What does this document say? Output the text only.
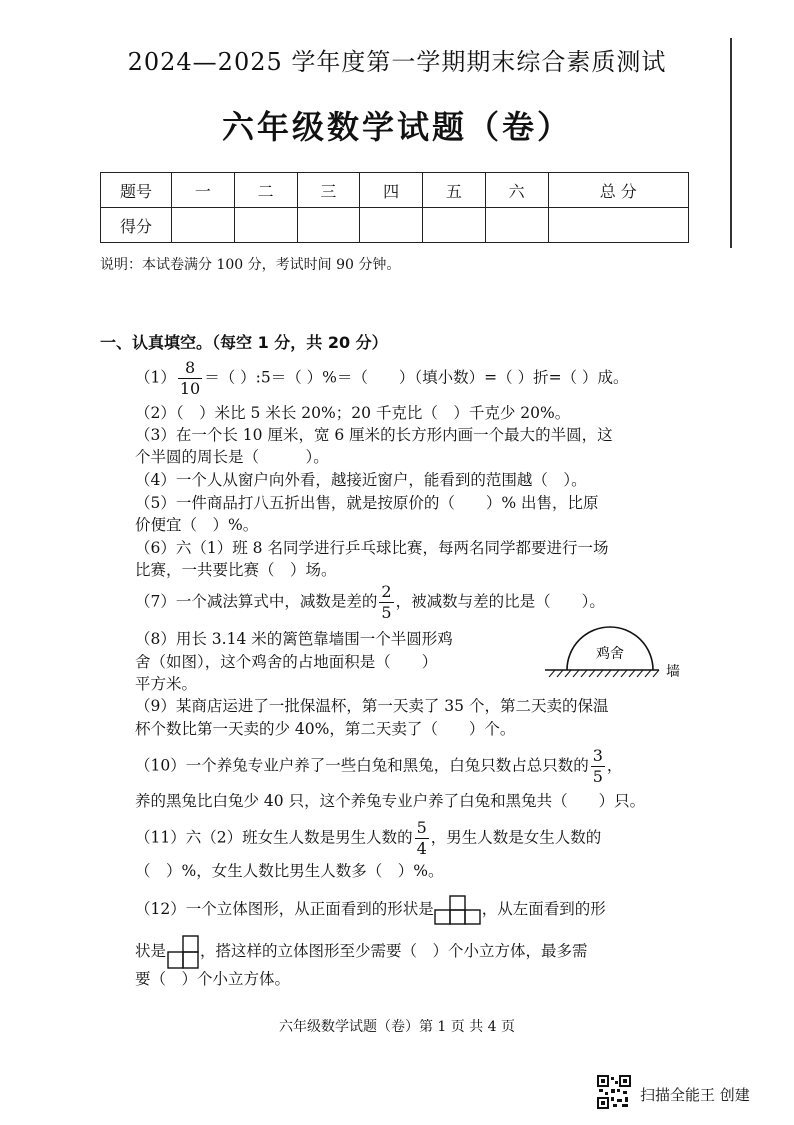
2024—2025 学年度第一学期期末综合素质测试
六年级数学试题（卷）
题号	一	二	三	四	五	六	总 分
得分							
说明：本试卷满分 100 分，考试时间 90 分钟。
一、认真填空。（每空 1 分，共 20 分）
$(1) \frac{8}{10}$ ＝（ ）:5＝（ ）%＝（　　）（填小数）=（ ）折=（ ）成。
（2）（　）米比 5 米长 20%；20 千克比（　）千克少 20%。
（3）在一个长 10 厘米，宽 6 厘米的长方形内画一个最大的半圆，这
个半圆的周长是（　　　）。
（4）一个人从窗户向外看，越接近窗户，能看到的范围越（　）。
（5）一件商品打八五折出售，就是按原价的（　　）% 出售，比原
价便宜（　）%。
（6）六（1）班 8 名同学进行乒乓球比赛，每两名同学都要进行一场
比赛，一共要比赛（　）场。
（7）一个减法算式中，减数是差的 $\frac{2}{5}$ ，被减数与差的比是（　　）。
（8）用长 3.14 米的篱笆靠墙围一个半圆形鸡
舍（如图），这个鸡舍的占地面积是（　　）
平方米。
鸡舍
墙
（9）某商店运进了一批保温杯，第一天卖了 35 个，第二天卖的保温
杯个数比第一天卖的少 40%，第二天卖了（　　）个。
（10）一个养兔专业户养了一些白兔和黑兔，白兔只数占总只数的 $\frac{3}{5}$ ，
养的黑兔比白兔少 40 只，这个养兔专业户养了白兔和黑兔共（　　）只。
（11）六（2）班女生人数是男生人数的 $\frac{5}{4}$ ，男生人数是女生人数的
（　）%，女生人数比男生人数多（　）%。
（12）一个立体图形，从正面看到的形状是	，从左面看到的形
状是 ，搭这样的立体图形至少需要（　）个小立方体，最多需
要（　）个小立方体。
六年级数学试题（卷）第 1 页 共 4 页
扫描全能王 创建
